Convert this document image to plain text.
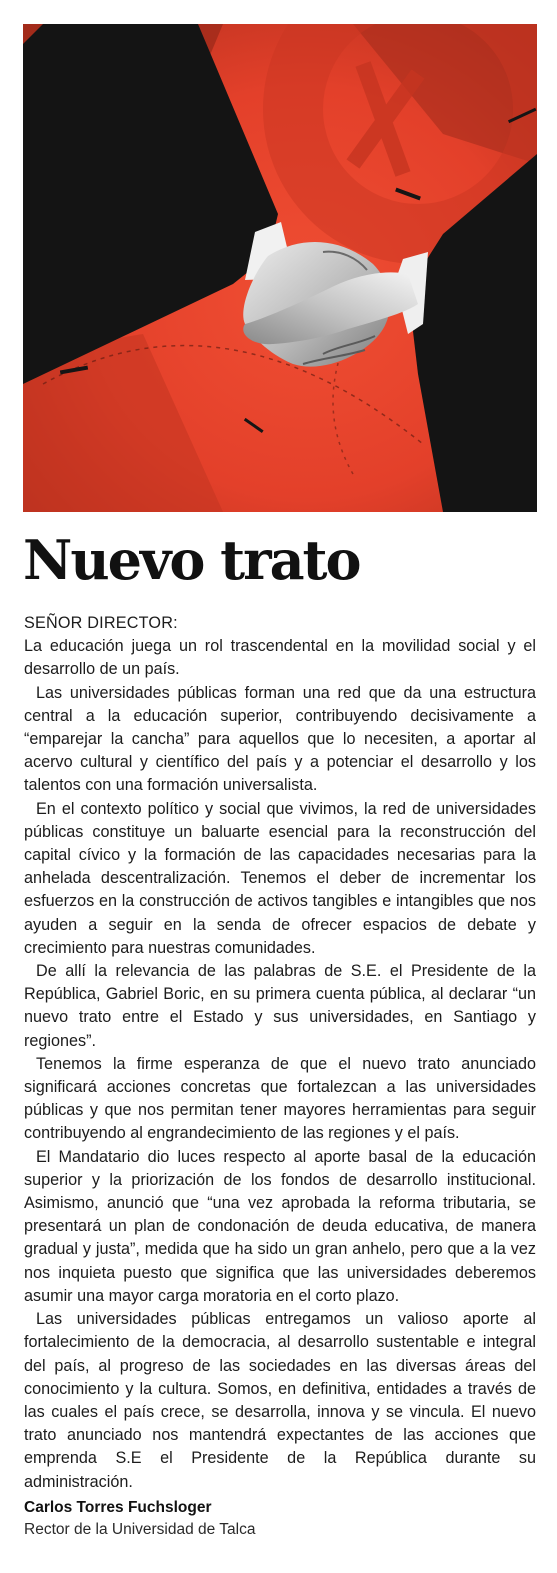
Nuevo trato

SEÑOR DIRECTOR:

La educación juega un rol trascendental en la movilidad social y el desarrollo de un país.

Las universidades públicas forman una red que da una estructura central a la educación superior, contribuyendo decisivamente a “emparejar la cancha” para aquellos que lo necesiten, a aportar al acervo cultural y científico del país y a potenciar el desarrollo y los talentos con una formación universalista.

En el contexto político y social que vivimos, la red de universidades públicas constituye un baluarte esencial para la reconstrucción del capital cívico y la formación de las capacidades necesarias para la anhelada descentralización. Tenemos el deber de incrementar los esfuerzos en la construcción de activos tangibles e intangibles que nos ayuden a seguir en la senda de ofrecer espacios de debate y crecimiento para nuestras comunidades.

De allí la relevancia de las palabras de S.E. el Presidente de la República, Gabriel Boric, en su primera cuenta pública, al declarar “un nuevo trato entre el Estado y sus universidades, en Santiago y regiones”.

Tenemos la firme esperanza de que el nuevo trato anunciado significará acciones concretas que fortalezcan a las universidades públicas y que nos permitan tener mayores herramientas para seguir contribuyendo al engrandecimiento de las regiones y el país.

El Mandatario dio luces respecto al aporte basal de la educación superior y la priorización de los fondos de desarrollo institucional. Asimismo, anunció que “una vez aprobada la reforma tributaria, se presentará un plan de condonación de deuda educativa, de manera gradual y justa”, medida que ha sido un gran anhelo, pero que a la vez nos inquieta puesto que significa que las universidades deberemos asumir una mayor carga moratoria en el corto plazo.

Las universidades públicas entregamos un valioso aporte al fortalecimiento de la democracia, al desarrollo sustentable e integral del país, al progreso de las sociedades en las diversas áreas del conocimiento y la cultura. Somos, en definitiva, entidades a través de las cuales el país crece, se desarrolla, innova y se vincula. El nuevo trato anunciado nos mantendrá expectantes de las acciones que emprenda S.E el Presidente de la República durante su administración.

Carlos Torres Fuchsloger

Rector de la Universidad de Talca
